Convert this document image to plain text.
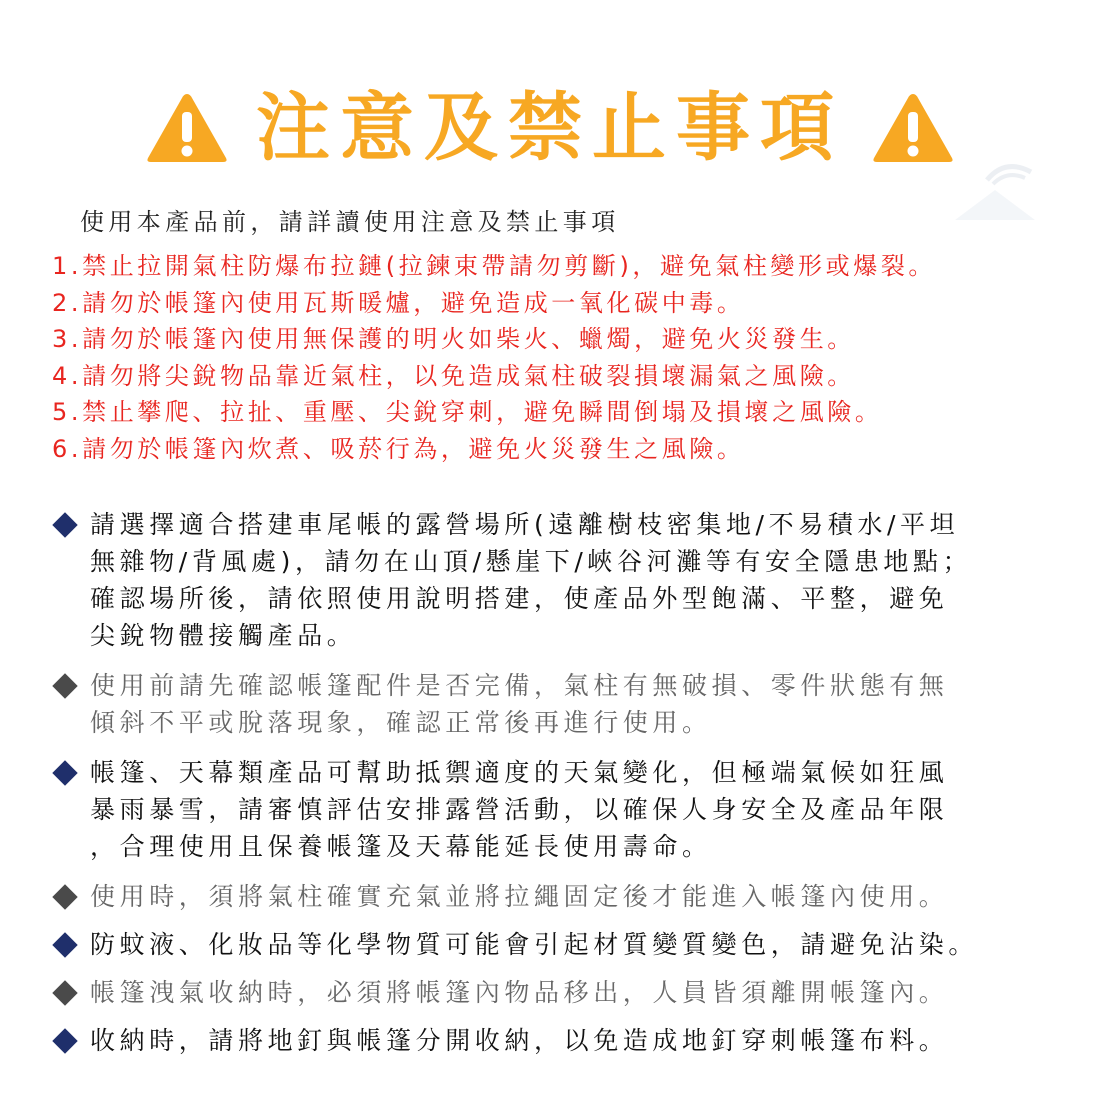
注意及禁止事項
使用本產品前，請詳讀使用注意及禁止事項
1.禁止拉開氣柱防爆布拉鏈(拉鍊束帶請勿剪斷)，避免氣柱變形或爆裂。
2.請勿於帳篷內使用瓦斯暖爐，避免造成一氧化碳中毒。
3.請勿於帳篷內使用無保護的明火如柴火、蠟燭，避免火災發生。
4.請勿將尖銳物品靠近氣柱，以免造成氣柱破裂損壞漏氣之風險。
5.禁止攀爬、拉扯、重壓、尖銳穿刺，避免瞬間倒塌及損壞之風險。
6.請勿於帳篷內炊煮、吸菸行為，避免火災發生之風險。
請選擇適合搭建車尾帳的露營場所(遠離樹枝密集地/不易積水/平坦
無雜物/背風處)，請勿在山頂/懸崖下/峽谷河灘等有安全隱患地點；
確認場所後，請依照使用說明搭建，使產品外型飽滿、平整，避免
尖銳物體接觸產品。
使用前請先確認帳篷配件是否完備，氣柱有無破損、零件狀態有無
傾斜不平或脫落現象，確認正常後再進行使用。
帳篷、天幕類產品可幫助抵禦適度的天氣變化，但極端氣候如狂風
暴雨暴雪，請審慎評估安排露營活動，以確保人身安全及產品年限
，合理使用且保養帳篷及天幕能延長使用壽命。
使用時，須將氣柱確實充氣並將拉繩固定後才能進入帳篷內使用。
防蚊液、化妝品等化學物質可能會引起材質變質變色，請避免沾染。
帳篷洩氣收納時，必須將帳篷內物品移出，人員皆須離開帳篷內。
收納時，請將地釘與帳篷分開收納，以免造成地釘穿刺帳篷布料。
